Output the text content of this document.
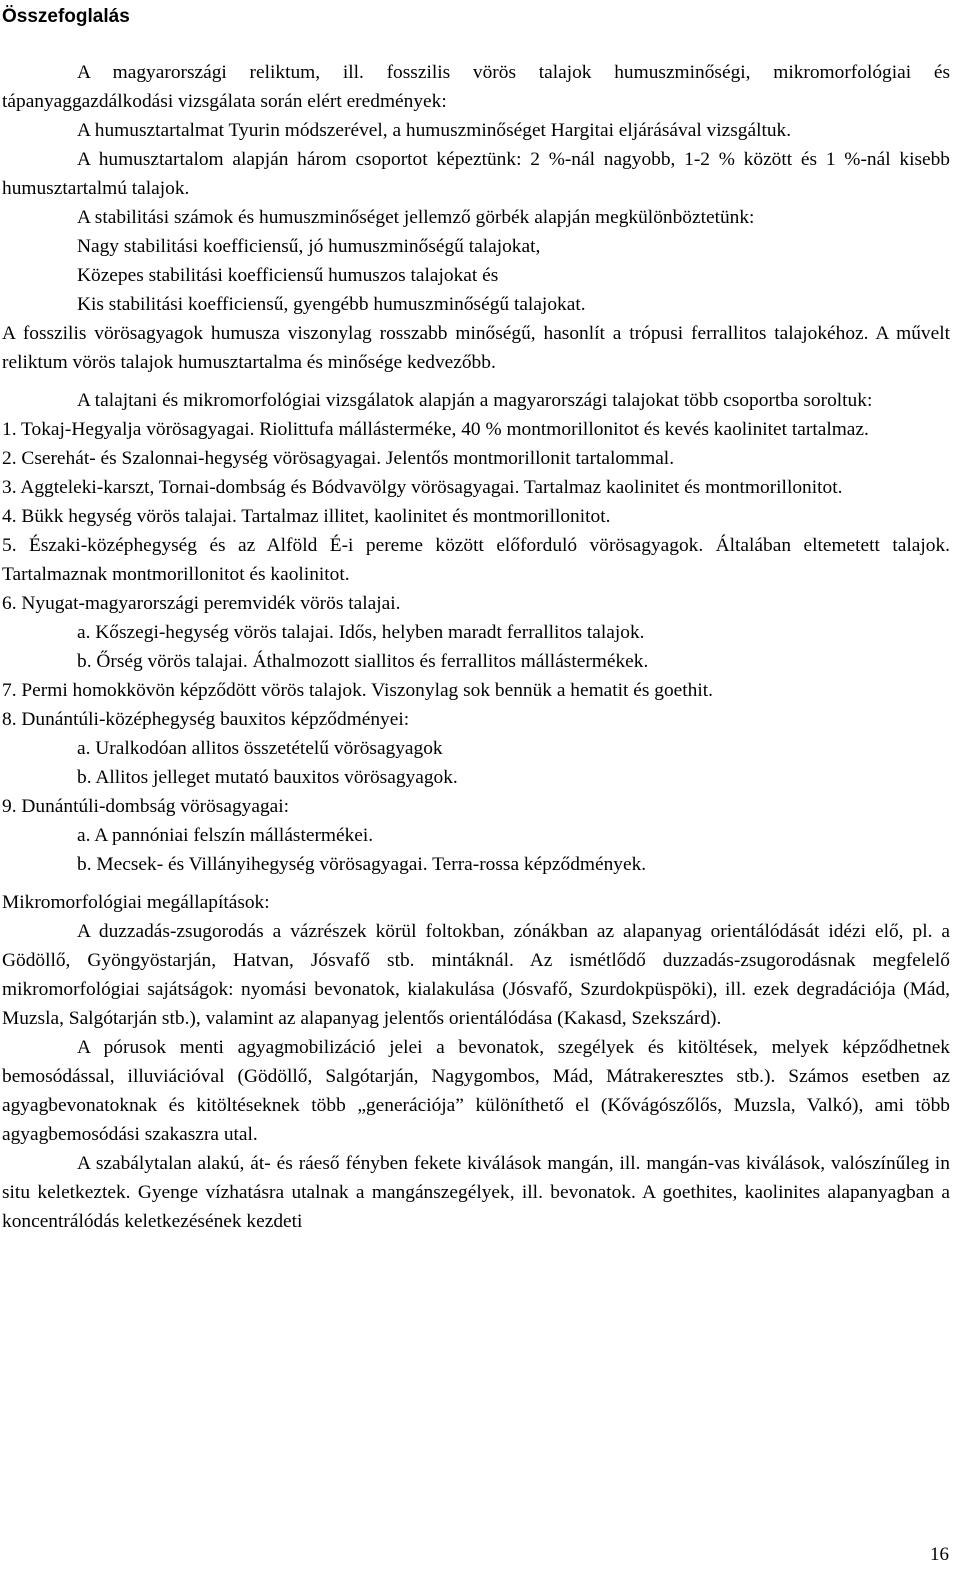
Összefoglalás

A magyarországi reliktum, ill. fosszilis vörös talajok humuszminőségi, mikromorfológiai és tápanyaggazdálkodási vizsgálata során elért eredmények:

A humusztartalmat Tyurin módszerével, a humuszminőséget Hargitai eljárásával vizsgáltuk.

A humusztartalom alapján három csoportot képeztünk: 2 %-nál nagyobb, 1-2 % között és 1 %-nál kisebb humusztartalmú talajok.

A stabilitási számok és humuszminőséget jellemző görbék alapján megkülönböztetünk:

Nagy stabilitási koefficiensű, jó humuszminőségű talajokat,

Közepes stabilitási koefficiensű humuszos talajokat és

Kis stabilitási koefficiensű, gyengébb humuszminőségű talajokat.

A fosszilis vörösagyagok humusza viszonylag rosszabb minőségű, hasonlít a trópusi ferrallitos talajokéhoz. A művelt reliktum vörös talajok humusztartalma és minősége kedvezőbb.

A talajtani és mikromorfológiai vizsgálatok alapján a magyarországi talajokat több csoportba soroltuk:

1. Tokaj-Hegyalja vörösagyagai. Riolittufa mállásterméke, 40 % montmorillonitot és kevés kaolinitet tartalmaz.

2. Cserehát- és Szalonnai-hegység vörösagyagai. Jelentős montmorillonit tartalommal.

3. Aggteleki-karszt, Tornai-dombság és Bódvavölgy vörösagyagai. Tartalmaz kaolinitet és montmorillonitot.

4. Bükk hegység vörös talajai. Tartalmaz illitet, kaolinitet és montmorillonitot.

5. Északi-középhegység és az Alföld É-i pereme között előforduló vörösagyagok. Általában eltemetett talajok. Tartalmaznak montmorillonitot és kaolinitot.

6. Nyugat-magyarországi peremvidék vörös talajai.

a. Kőszegi-hegység vörös talajai. Idős, helyben maradt ferrallitos talajok.

b. Őrség vörös talajai. Áthalmozott siallitos és ferrallitos mállástermékek.

7. Permi homokkövön képződött vörös talajok. Viszonylag sok bennük a hematit és goethit.

8. Dunántúli-középhegység bauxitos képződményei:

a. Uralkodóan allitos összetételű vörösagyagok

b. Allitos jelleget mutató bauxitos vörösagyagok.

9. Dunántúli-dombság vörösagyagai:

a. A pannóniai felszín mállástermékei.

b. Mecsek- és Villányihegység vörösagyagai. Terra-rossa képződmények.

Mikromorfológiai megállapítások:

A duzzadás-zsugorodás a vázrészek körül foltokban, zónákban az alapanyag orientálódását idézi elő, pl. a Gödöllő, Gyöngyöstarján, Hatvan, Jósvafő stb. mintáknál. Az ismétlődő duzzadás-zsugorodásnak megfelelő mikromorfológiai sajátságok: nyomási bevonatok, kialakulása (Jósvafő, Szurdokpüspöki), ill. ezek degradációja (Mád, Muzsla, Salgótarján stb.), valamint az alapanyag jelentős orientálódása (Kakasd, Szekszárd).

A pórusok menti agyagmobilizáció jelei a bevonatok, szegélyek és kitöltések, melyek képződhetnek bemosódással, illuviációval (Gödöllő, Salgótarján, Nagygombos, Mád, Mátrakeresztes stb.). Számos esetben az agyagbevonatoknak és kitöltéseknek több „generációja” különíthető el (Kővágószőlős, Muzsla, Valkó), ami több agyagbemosódási szakaszra utal.

A szabálytalan alakú, át- és ráeső fényben fekete kiválások mangán, ill. mangán-vas kiválások, valószínűleg in situ keletkeztek. Gyenge vízhatásra utalnak a mangánszegélyek, ill. bevonatok. A goethites, kaolinites alapanyagban a koncentrálódás keletkezésének kezdeti

16
